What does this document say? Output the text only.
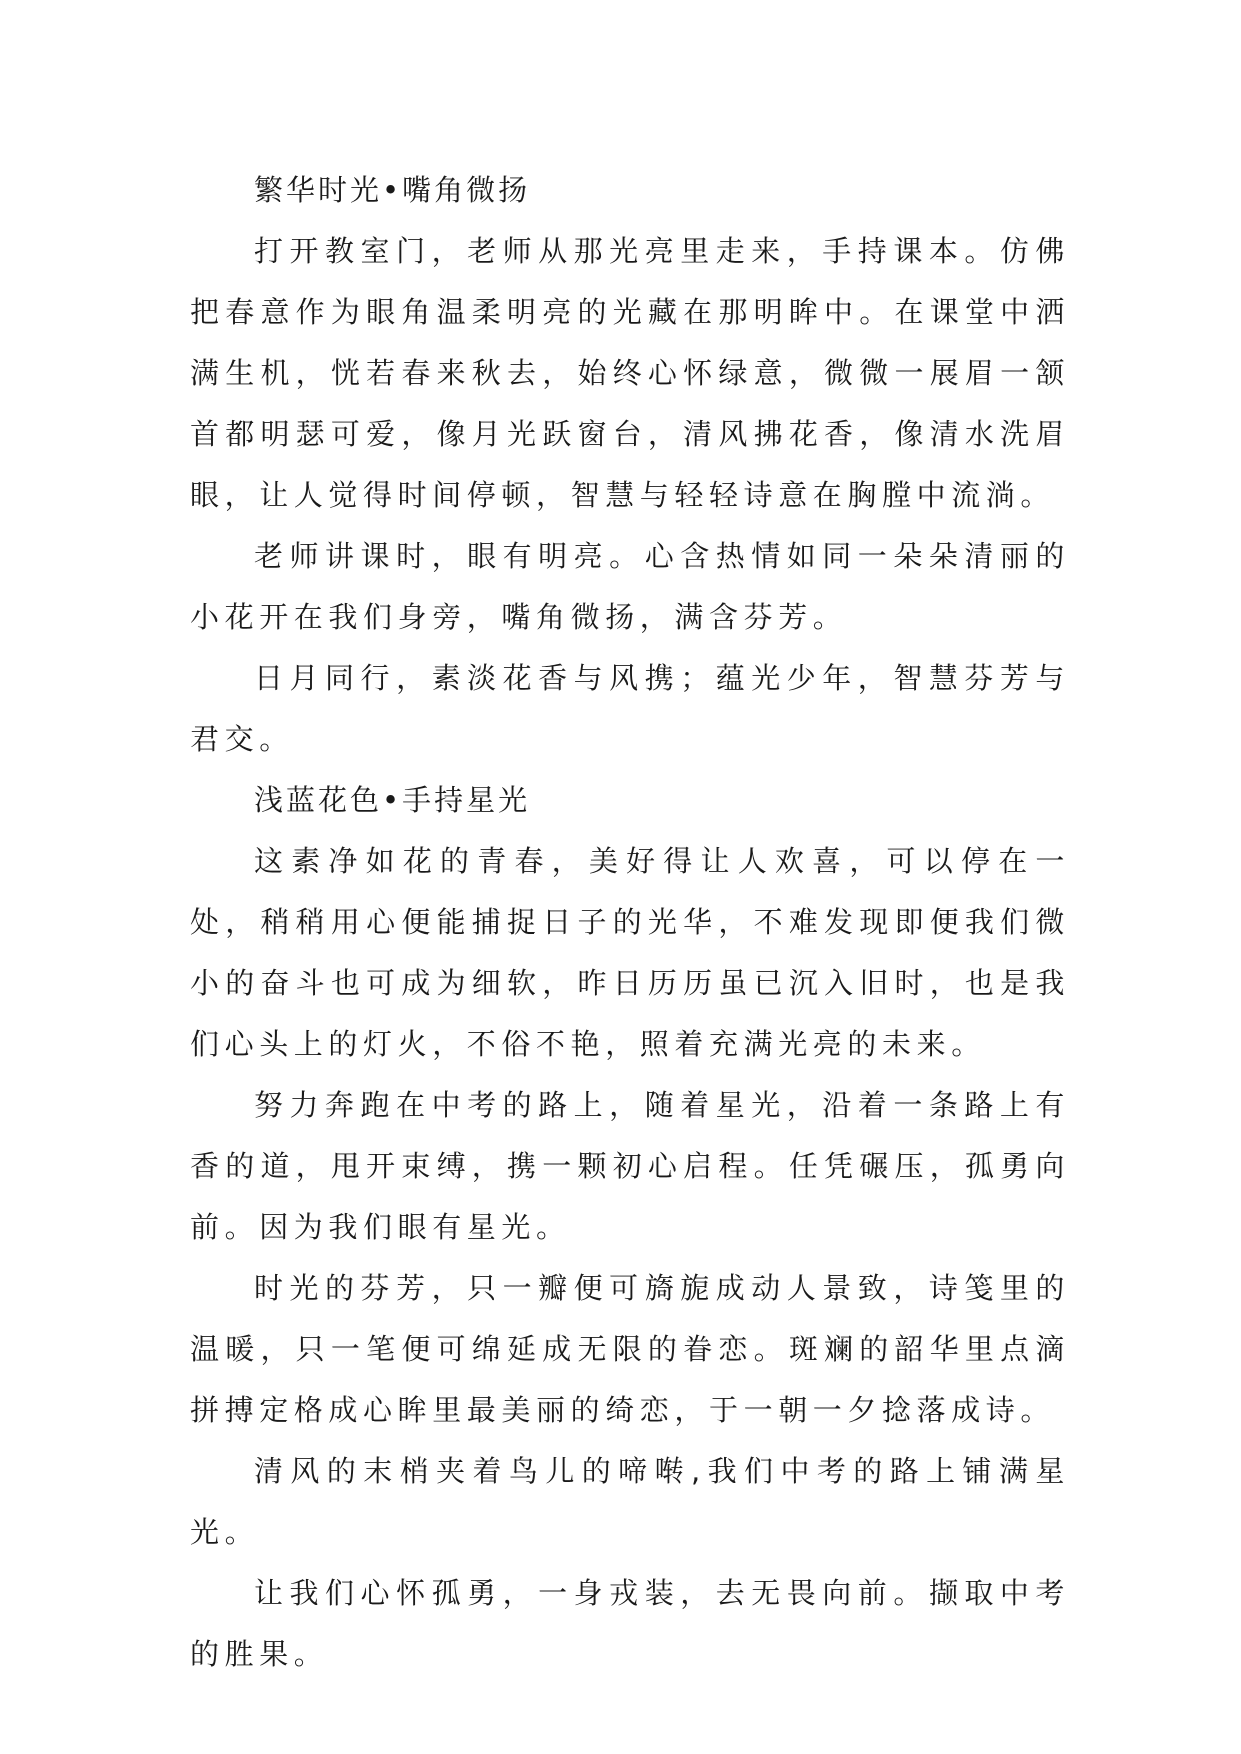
繁华时光•嘴角微扬

打开教室门，老师从那光亮里走来，手持课本。仿佛把春意作为眼角温柔明亮的光藏在那明眸中。在课堂中洒满生机，恍若春来秋去，始终心怀绿意，微微一展眉一颔首都明瑟可爱，像月光跃窗台，清风拂花香，像清水洗眉眼，让人觉得时间停顿，智慧与轻轻诗意在胸膛中流淌。

老师讲课时，眼有明亮。心含热情如同一朵朵清丽的小花开在我们身旁，嘴角微扬，满含芬芳。

日月同行，素淡花香与风携；蕴光少年，智慧芬芳与君交。

浅蓝花色•手持星光

这素净如花的青春，美好得让人欢喜，可以停在一处，稍稍用心便能捕捉日子的光华，不难发现即便我们微小的奋斗也可成为细软，昨日历历虽已沉入旧时，也是我们心头上的灯火，不俗不艳，照着充满光亮的未来。

努力奔跑在中考的路上，随着星光，沿着一条路上有香的道，甩开束缚，携一颗初心启程。任凭碾压，孤勇向前。因为我们眼有星光。

时光的芬芳，只一瓣便可旖旎成动人景致，诗笺里的温暖，只一笔便可绵延成无限的眷恋。斑斓的韶华里点滴拼搏定格成心眸里最美丽的绮恋，于一朝一夕捻落成诗。

清风的末梢夹着鸟儿的啼啭,我们中考的路上铺满星光。

让我们心怀孤勇，一身戎装，去无畏向前。撷取中考的胜果。
